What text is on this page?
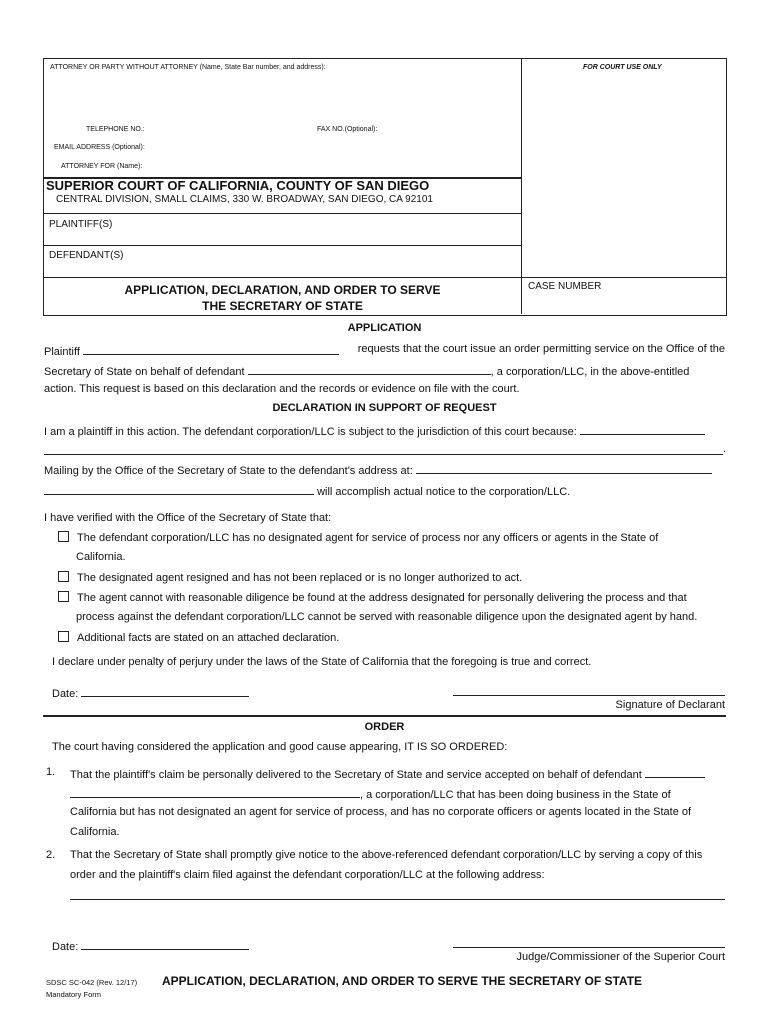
ATTORNEY OR PARTY WITHOUT ATTORNEY (Name, State Bar number, and address):	FOR COURT USE ONLY
TELEPHONE NO.:	FAX NO.(Optional):
EMAIL ADDRESS (Optional):
ATTORNEY FOR (Name):
SUPERIOR COURT OF CALIFORNIA, COUNTY OF SAN DIEGO
CENTRAL DIVISION, SMALL CLAIMS, 330 W. BROADWAY, SAN DIEGO, CA 92101
PLAINTIFF(S)
DEFENDANT(S)
APPLICATION, DECLARATION, AND ORDER TO SERVE
THE SECRETARY OF STATE
CASE NUMBER
APPLICATION
Plaintiff	requests that the court issue an order permitting service on the Office of the
Secretary of State on behalf of defendant	, a corporation/LLC, in the above-entitled
action. This request is based on this declaration and the records or evidence on file with the court.
DECLARATION IN SUPPORT OF REQUEST
I am a plaintiff in this action. The defendant corporation/LLC is subject to the jurisdiction of this court because:
.
Mailing by the Office of the Secretary of State to the defendant's address at:
will accomplish actual notice to the corporation/LLC.
I have verified with the Office of the Secretary of State that:
The defendant corporation/LLC has no designated agent for service of process nor any officers or agents in the State of
California.
The designated agent resigned and has not been replaced or is no longer authorized to act.
The agent cannot with reasonable diligence be found at the address designated for personally delivering the process and that
process against the defendant corporation/LLC cannot be served with reasonable diligence upon the designated agent by hand.
Additional facts are stated on an attached declaration.
I declare under penalty of perjury under the laws of the State of California that the foregoing is true and correct.
Date:
Signature of Declarant
ORDER
The court having considered the application and good cause appearing, IT IS SO ORDERED:
1. That the plaintiff's claim be personally delivered to the Secretary of State and service accepted on behalf of defendant
, a corporation/LLC that has been doing business in the State of
California but has not designated an agent for service of process, and has no corporate officers or agents located in the State of
California.
2. That the Secretary of State shall promptly give notice to the above-referenced defendant corporation/LLC by serving a copy of this
order and the plaintiff's claim filed against the defendant corporation/LLC at the following address:
Date:
Judge/Commissioner of the Superior Court
SDSC SC-042 (Rev. 12/17)
Mandatory Form
APPLICATION, DECLARATION, AND ORDER TO SERVE THE SECRETARY OF STATE
